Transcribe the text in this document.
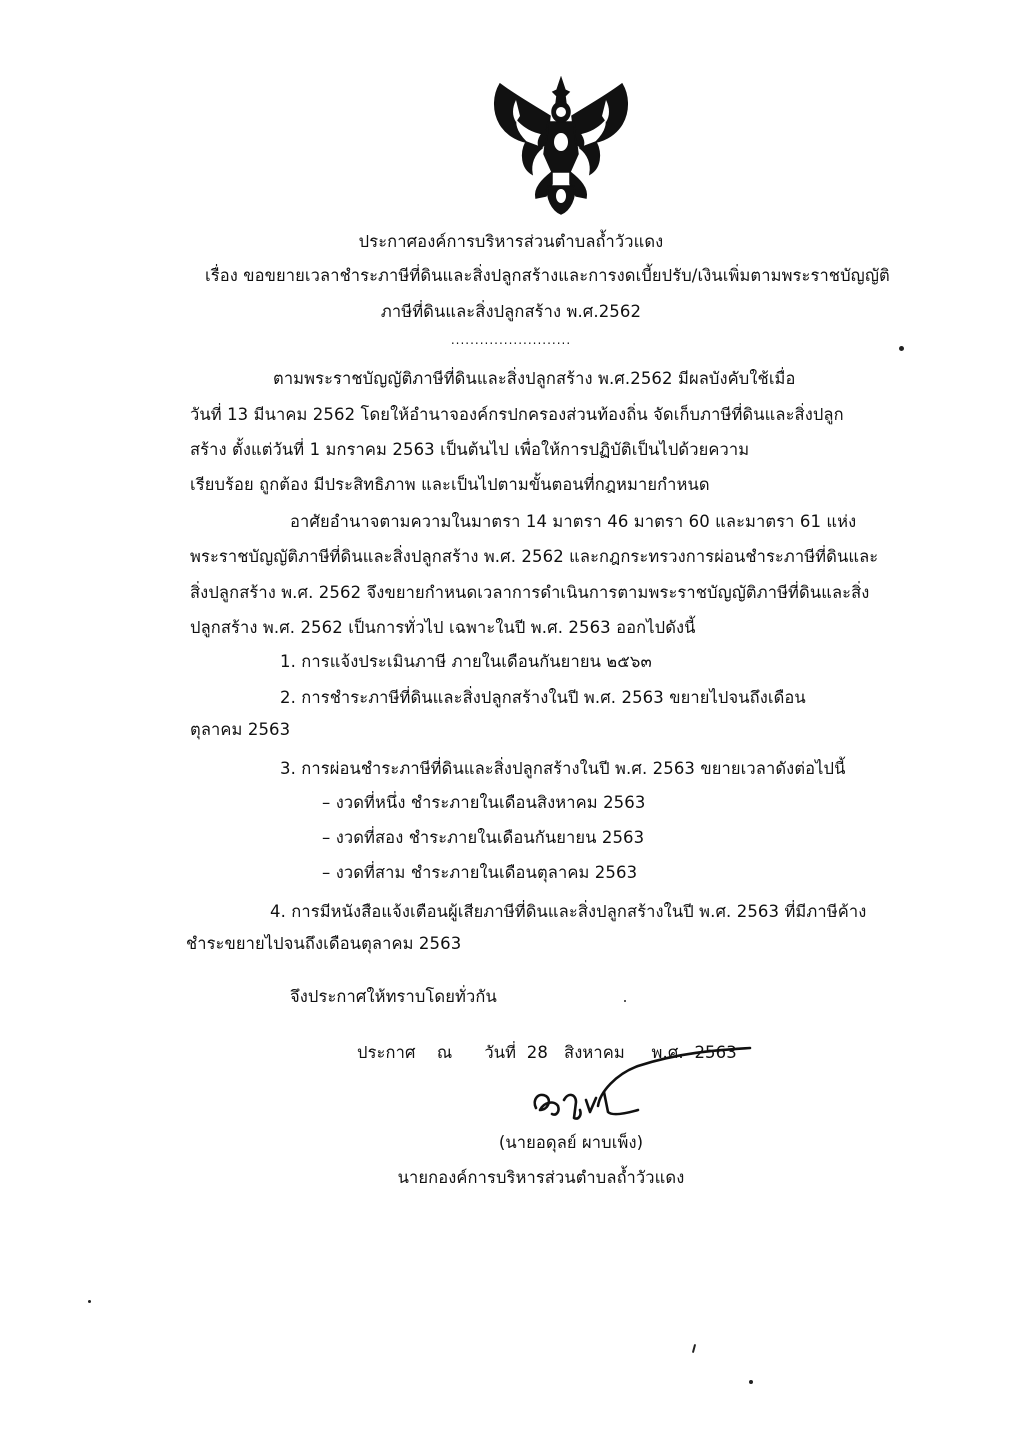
ประกาศองค์การบริหารส่วนตำบลถ้ำวัวแดง
เรื่อง ขอขยายเวลาชำระภาษีที่ดินและสิ่งปลูกสร้างและการงดเบี้ยปรับ/เงินเพิ่มตามพระราชบัญญัติ
ภาษีที่ดินและสิ่งปลูกสร้าง พ.ศ.2562
.........................
ตามพระราชบัญญัติภาษีที่ดินและสิ่งปลูกสร้าง พ.ศ.2562 มีผลบังคับใช้เมื่อ
วันที่ 13 มีนาคม 2562 โดยให้อำนาจองค์กรปกครองส่วนท้องถิ่น จัดเก็บภาษีที่ดินและสิ่งปลูก
สร้าง ตั้งแต่วันที่ 1 มกราคม 2563 เป็นต้นไป เพื่อให้การปฏิบัติเป็นไปด้วยความ
เรียบร้อย ถูกต้อง มีประสิทธิภาพ และเป็นไปตามขั้นตอนที่กฎหมายกำหนด
อาศัยอำนาจตามความในมาตรา 14 มาตรา 46 มาตรา 60 และมาตรา 61 แห่ง
พระราชบัญญัติภาษีที่ดินและสิ่งปลูกสร้าง พ.ศ. 2562 และกฎกระทรวงการผ่อนชำระภาษีที่ดินและ
สิ่งปลูกสร้าง พ.ศ. 2562 จึงขยายกำหนดเวลาการดำเนินการตามพระราชบัญญัติภาษีที่ดินและสิ่ง
ปลูกสร้าง พ.ศ. 2562 เป็นการทั่วไป เฉพาะในปี พ.ศ. 2563 ออกไปดังนี้
1. การแจ้งประเมินภาษี ภายในเดือนกันยายน ๒๕๖๓
2. การชำระภาษีที่ดินและสิ่งปลูกสร้างในปี พ.ศ. 2563 ขยายไปจนถึงเดือน
ตุลาคม 2563
3. การผ่อนชำระภาษีที่ดินและสิ่งปลูกสร้างในปี พ.ศ. 2563 ขยายเวลาดังต่อไปนี้
– งวดที่หนึ่ง ชำระภายในเดือนสิงหาคม 2563
– งวดที่สอง ชำระภายในเดือนกันยายน 2563
– งวดที่สาม ชำระภายในเดือนตุลาคม 2563
4. การมีหนังสือแจ้งเตือนผู้เสียภาษีที่ดินและสิ่งปลูกสร้างในปี พ.ศ. 2563 ที่มีภาษีค้าง
ชำระขยายไปจนถึงเดือนตุลาคม 2563
จึงประกาศให้ทราบโดยทั่วกัน
ประกาศ    ณ      วันที่  28   สิงหาคม     พ.ศ.  2563
(นายอดุลย์ ผาบเพ็ง)
นายกองค์การบริหารส่วนตำบลถ้ำวัวแดง
